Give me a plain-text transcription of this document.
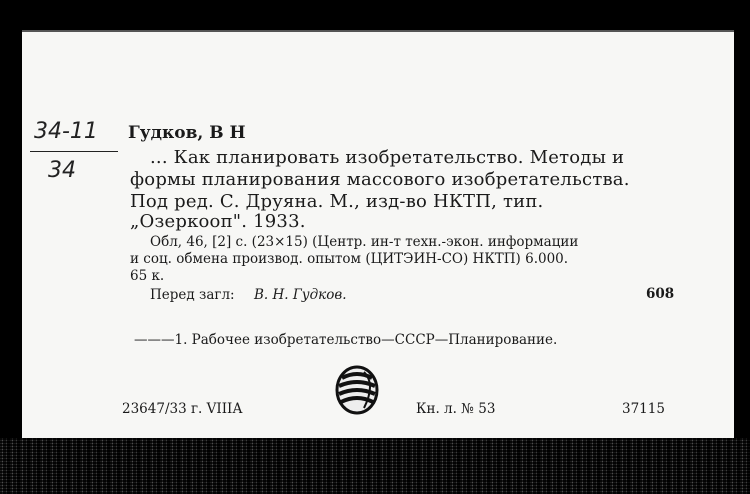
34-11
34
Гудков, В Н
... Как планировать изобретательство. Методы и
формы планирования массового изобретательства.
Под ред. С. Друяна. М., изд-во НКТП, тип.
„Озеркооп". 1933.
Обл, 46, [2] с. (23×15) (Центр. ин-т техн.-экон. информации
и соц. обмена производ. опытом (ЦИТЭИН-СО) НКТП) 6.000.
65 к.
Перед загл: В. Н. Гудков.	608
———1. Рабочее изобретательство—СССР—Планирование.
23647/33 г. VIIIА	Кн. л. № 53	37115
